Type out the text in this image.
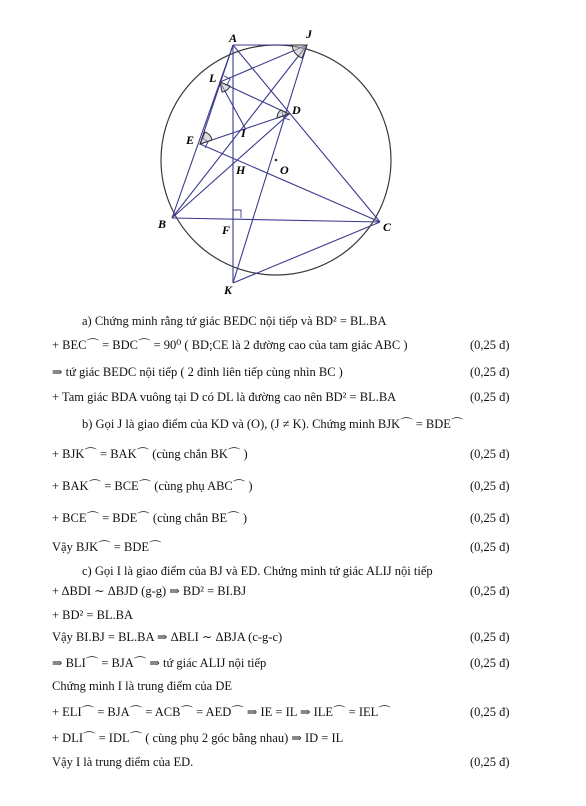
A	J
L
D
E	I
H	O
B	C
F
K
a) Chứng minh rằng tứ giác BEDC nội tiếp và BD² = BL.BA
+ BEC⌒ = BDC⌒ = 90⁰ ( BD;CE là 2 đường cao của tam giác ABC )	(0,25 đ)
⇒ tứ giác BEDC nội tiếp ( 2 đỉnh liên tiếp cùng nhìn BC )	(0,25 đ)
+ Tam giác BDA vuông tại D có DL là đường cao nên BD² = BL.BA	(0,25 đ)
b) Gọi J là giao điểm của KD và (O), (J ≠ K). Chứng minh BJK⌒ = BDE⌒
+ BJK⌒ = BAK⌒ (cùng chắn BK⌒ )	(0,25 đ)
+ BAK⌒ = BCE⌒ (cùng phụ ABC⌒ )	(0,25 đ)
+ BCE⌒ = BDE⌒ (cùng chắn BE⌒ )	(0,25 đ)
Vậy BJK⌒ = BDE⌒	(0,25 đ)
c) Gọi I là giao điểm của BJ và ED. Chứng minh tứ giác ALIJ nội tiếp
+ ΔBDI ∼ ΔBJD (g-g) ⇒ BD² = BI.BJ	(0,25 đ)
+ BD² = BL.BA
Vậy BI.BJ = BL.BA ⇒ ΔBLI ∼ ΔBJA (c-g-c)	(0,25 đ)
⇒ BLI⌒ = BJA⌒ ⇒ tứ giác ALIJ nội tiếp	(0,25 đ)
Chứng minh I là trung điểm của DE
+ ELI⌒ = BJA⌒ = ACB⌒ = AED⌒ ⇒ IE = IL ⇒ ILE⌒ = IEL⌒	(0,25 đ)
+ DLI⌒ = IDL⌒ ( cùng phụ 2 góc bằng nhau) ⇒ ID = IL
Vậy I là trung điểm của ED.	(0,25 đ)
